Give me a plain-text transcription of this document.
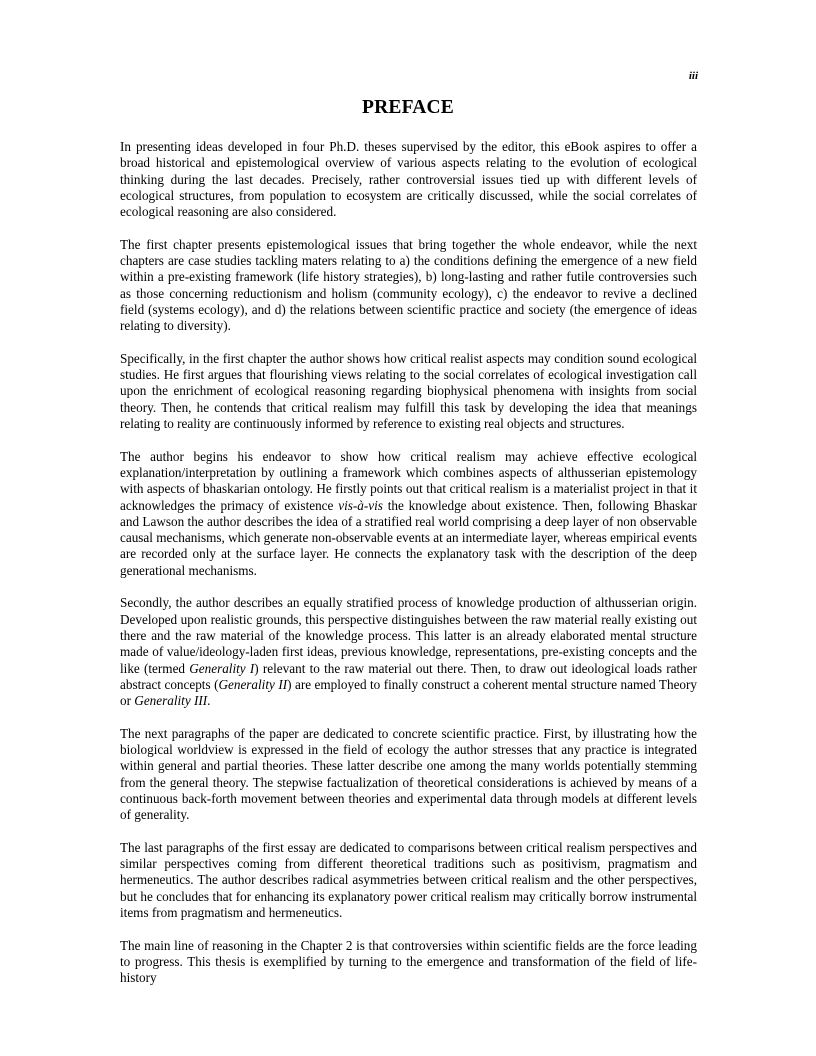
iii
PREFACE

In presenting ideas developed in four Ph.D. theses supervised by the editor, this eBook aspires to offer a broad historical and epistemological overview of various aspects relating to the evolution of ecological thinking during the last decades. Precisely, rather controversial issues tied up with different levels of ecological structures, from population to ecosystem are critically discussed, while the social correlates of ecological reasoning are also considered.

The first chapter presents epistemological issues that bring together the whole endeavor, while the next chapters are case studies tackling maters relating to a) the conditions defining the emergence of a new field within a pre-existing framework (life history strategies), b) long-lasting and rather futile controversies such as those concerning reductionism and holism (community ecology), c) the endeavor to revive a declined field (systems ecology), and d) the relations between scientific practice and society (the emergence of ideas relating to diversity).

Specifically, in the first chapter the author shows how critical realist aspects may condition sound ecological studies. He first argues that flourishing views relating to the social correlates of ecological investigation call upon the enrichment of ecological reasoning regarding biophysical phenomena with insights from social theory. Then, he contends that critical realism may fulfill this task by developing the idea that meanings relating to reality are continuously informed by reference to existing real objects and structures.

The author begins his endeavor to show how critical realism may achieve effective ecological explanation/interpretation by outlining a framework which combines aspects of althusserian epistemology with aspects of bhaskarian ontology. He firstly points out that critical realism is a materialist project in that it acknowledges the primacy of existence vis-à-vis the knowledge about existence. Then, following Bhaskar and Lawson the author describes the idea of a stratified real world comprising a deep layer of non observable causal mechanisms, which generate non-observable events at an intermediate layer, whereas empirical events are recorded only at the surface layer. He connects the explanatory task with the description of the deep generational mechanisms.

Secondly, the author describes an equally stratified process of knowledge production of althusserian origin. Developed upon realistic grounds, this perspective distinguishes between the raw material really existing out there and the raw material of the knowledge process. This latter is an already elaborated mental structure made of value/ideology-laden first ideas, previous knowledge, representations, pre-existing concepts and the like (termed Generality I) relevant to the raw material out there. Then, to draw out ideological loads rather abstract concepts (Generality II) are employed to finally construct a coherent mental structure named Theory or Generality III.

The next paragraphs of the paper are dedicated to concrete scientific practice. First, by illustrating how the biological worldview is expressed in the field of ecology the author stresses that any practice is integrated within general and partial theories. These latter describe one among the many worlds potentially stemming from the general theory. The stepwise factualization of theoretical considerations is achieved by means of a continuous back-forth movement between theories and experimental data through models at different levels of generality.

The last paragraphs of the first essay are dedicated to comparisons between critical realism perspectives and similar perspectives coming from different theoretical traditions such as positivism, pragmatism and hermeneutics. The author describes radical asymmetries between critical realism and the other perspectives, but he concludes that for enhancing its explanatory power critical realism may critically borrow instrumental items from pragmatism and hermeneutics.

The main line of reasoning in the Chapter 2 is that controversies within scientific fields are the force leading to progress. This thesis is exemplified by turning to the emergence and transformation of the field of life-history
